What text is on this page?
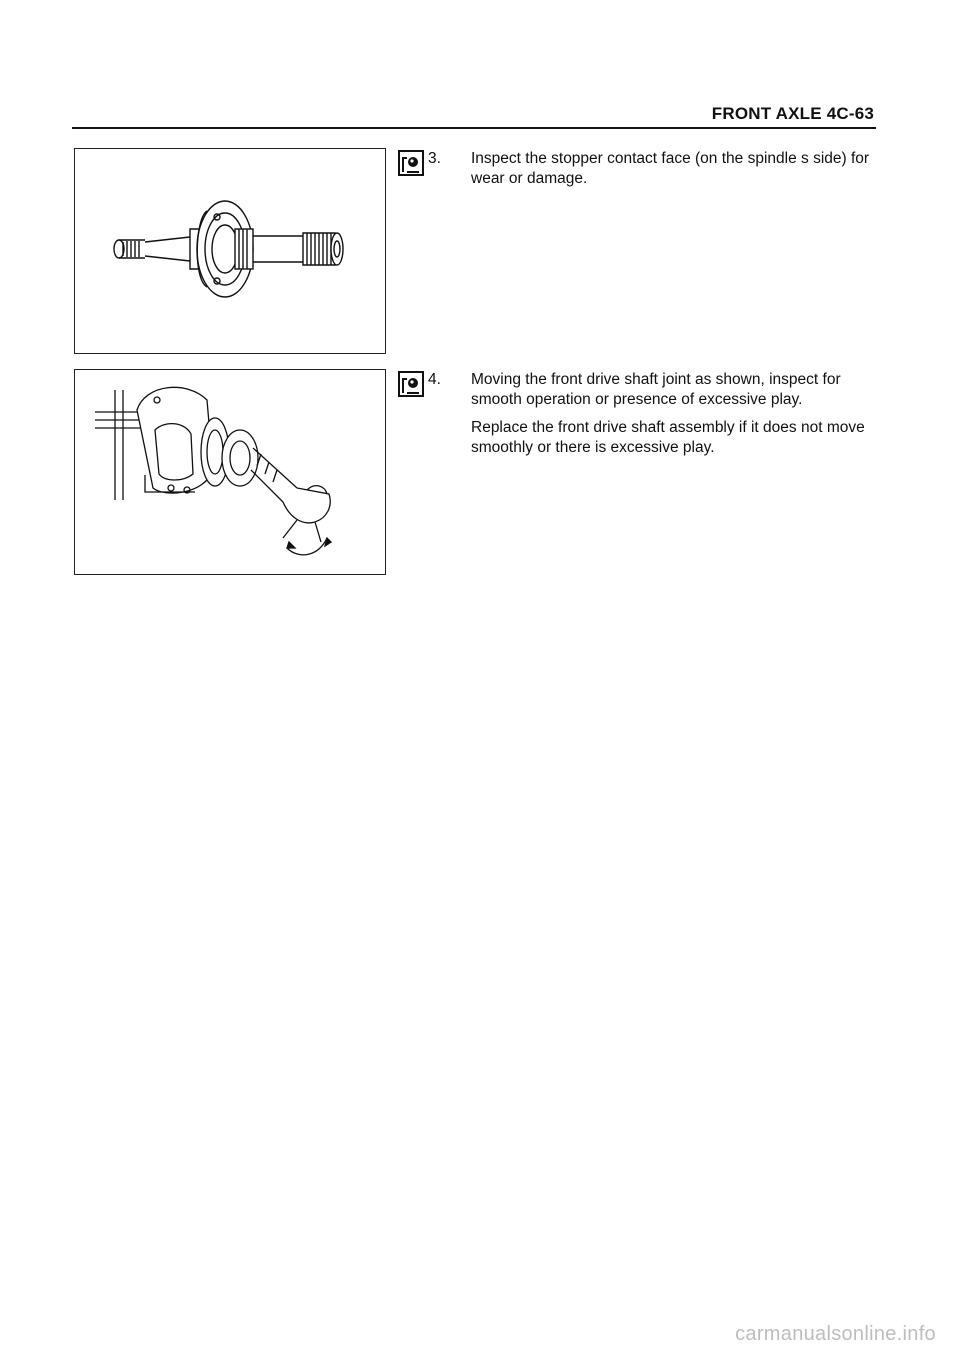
FRONT AXLE 4C-63
3. Inspect the stopper contact face (on the spindle s side) for wear or damage.

4. Moving the front drive shaft joint as shown, inspect for smooth operation or presence of excessive play.

Replace the front drive shaft assembly if it does not move smoothly or there is excessive play.

carmanualsonline.info
